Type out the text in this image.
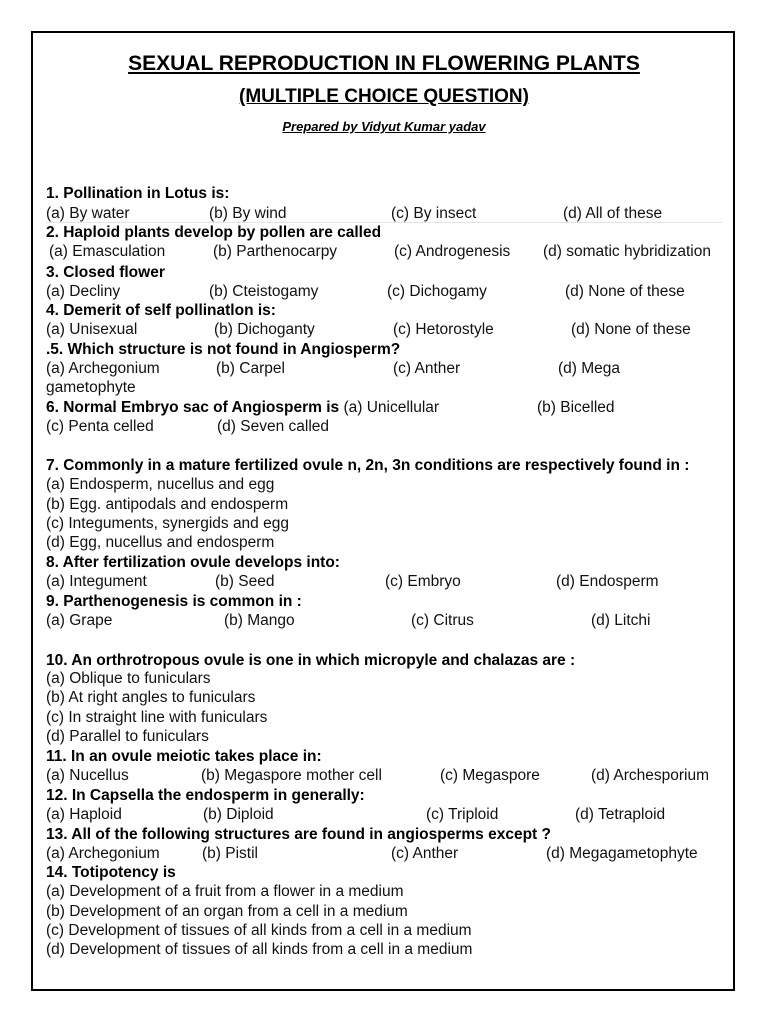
SEXUAL REPRODUCTION IN FLOWERING PLANTS
(MULTIPLE CHOICE QUESTION)
Prepared by Vidyut Kumar yadav
1. Pollination in Lotus is:
(a) By water	(b) By wind	(c) By insect	(d) All of these
2. Haploid plants develop by pollen are called
(a) Emasculation	(b) Parthenocarpy	(c) Androgenesis (d) somatic hybridization
3. Closed flower
(a) Decliny	(b) Cteistogamy	(c) Dichogamy	(d) None of these
4. Demerit of self pollinatlon is:
(a) Unisexual	(b) Dichoganty	(c) Hetorostyle	(d) None of these
.5. Which structure is not found in Angiosperm?
(a) Archegonium	(b) Carpel	(c) Anther	(d) Mega
gametophyte
6. Normal Embryo sac of Angiosperm is (a) Unicellular	(b) Bicelled
(c) Penta celled	(d) Seven called
7. Commonly in a mature fertilized ovule n, 2n, 3n conditions are respectively found in :
(a) Endosperm, nucellus and egg
(b) Egg. antipodals and endosperm
(c) Integuments, synergids and egg
(d) Egg, nucellus and endosperm
8. After fertilization ovule develops into:
(a) Integument	(b) Seed	(c) Embryo	(d) Endosperm
9. Parthenogenesis is common in :
(a) Grape	(b) Mango	(c) Citrus	(d) Litchi
10. An orthrotropous ovule is one in which micropyle and chalazas are :
(a) Oblique to funiculars
(b) At right angles to funiculars
(c) In straight line with funiculars
(d) Parallel to funiculars
11. In an ovule meiotic takes place in:
(a) Nucellus	(b) Megaspore mother cell	(c) Megaspore	(d) Archesporium
12. In Capsella the endosperm in generally:
(a) Haploid	(b) Diploid	(c) Triploid	(d) Tetraploid
13. All of the following structures are found in angiosperms except ?
(a) Archegonium	(b) Pistil	(c) Anther	(d) Megagametophyte
14. Totipotency is
(a) Development of a fruit from a flower in a medium
(b) Development of an organ from a cell in a medium
(c) Development of tissues of all kinds from a cell in a medium
(d) Development of tissues of all kinds from a cell in a medium
